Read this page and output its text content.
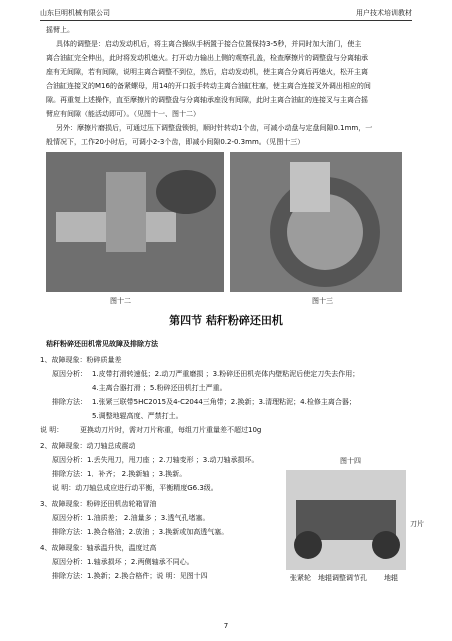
山东巨明机械有限公司	用户技术培训教材
摇臂上。
具体的调整是：启动发动机后，将主离合操纵手柄置于接合位置保持3-5秒，并同时加大油门，使主
离合油缸完全伸出，此时将发动机熄火。打开动力输出上侧的观察孔盖，检查摩擦片的调整盘与分离轴承
座有无间隙，若有间隙，说明主离合调整不到位，然后，启动发动机，使主离合分离后再熄火，松开主离
合油缸连接叉的M16的备紧螺母，用14的开口扳手转动主离合油缸柱塞，使主离合连接叉外调出相应的间
隙。再重复上述操作，直至摩擦片的调整盘与分离轴承座没有间隙，此时主离合油缸的连接叉与主离合摇
臂应有间隙（能活动即可）。（见图十一、图十二）
另外：摩擦片磨损后，可通过压下调整盘锁钥，顺时针转动1个齿，可减小动盘与定盘间隙0.1mm，一
般情况下，工作20小时后，可调小2-3个齿，即减小间隙0.2-0.3mm。（见图十三）
图十二	图十三
第四节 秸秆粉碎还田机
秸秆粉碎还田机常见故障及排除方法
1、故障现象：粉碎质量差
原因分析： 1.皮带打滑转速低；2.动刀严重磨损 ；3.粉碎还田机壳体内壁粘泥后使定刀失去作用；
4.主离合器打滑 ；5.粉碎还田机打土严重。
排除方法： 1.张紧三联带5HC2015及4-C2044三角带；2.换新；3.清理粘泥；4.检修主离合器；
5.调整地辊高度、严禁打土。
说 明： 更换动刀片时，需对刀片称重，每组刀片重量差不超过10g
2、故障现象：动刀轴总成震动
原因分析：1.丢失甩刀，甩刀座 ；2.刀轴变形 ；3.动刀轴承损坏。
排除方法：1．补齐； 2.换新轴 ；3.换新。
说 明：动刀轴总成应进行动平衡，平衡精度G6.3级。
3、故障现象：粉碎还田机齿轮箱冒油
原因分析：1.油质差； 2.油量多 ；3.透气孔堵塞。
排除方法：1.换合格油；2.放油 ；3.换新或加高透气塞。
4、故障现象：轴承温升快，温度过高
原因分析：1.轴承损坏 ；2.两侧轴承不同心。
排除方法：1.换新；2.换合格件；说 明：见图十四
图十四
刀片
张紧轮 地辊调整调节孔 地辊
7
